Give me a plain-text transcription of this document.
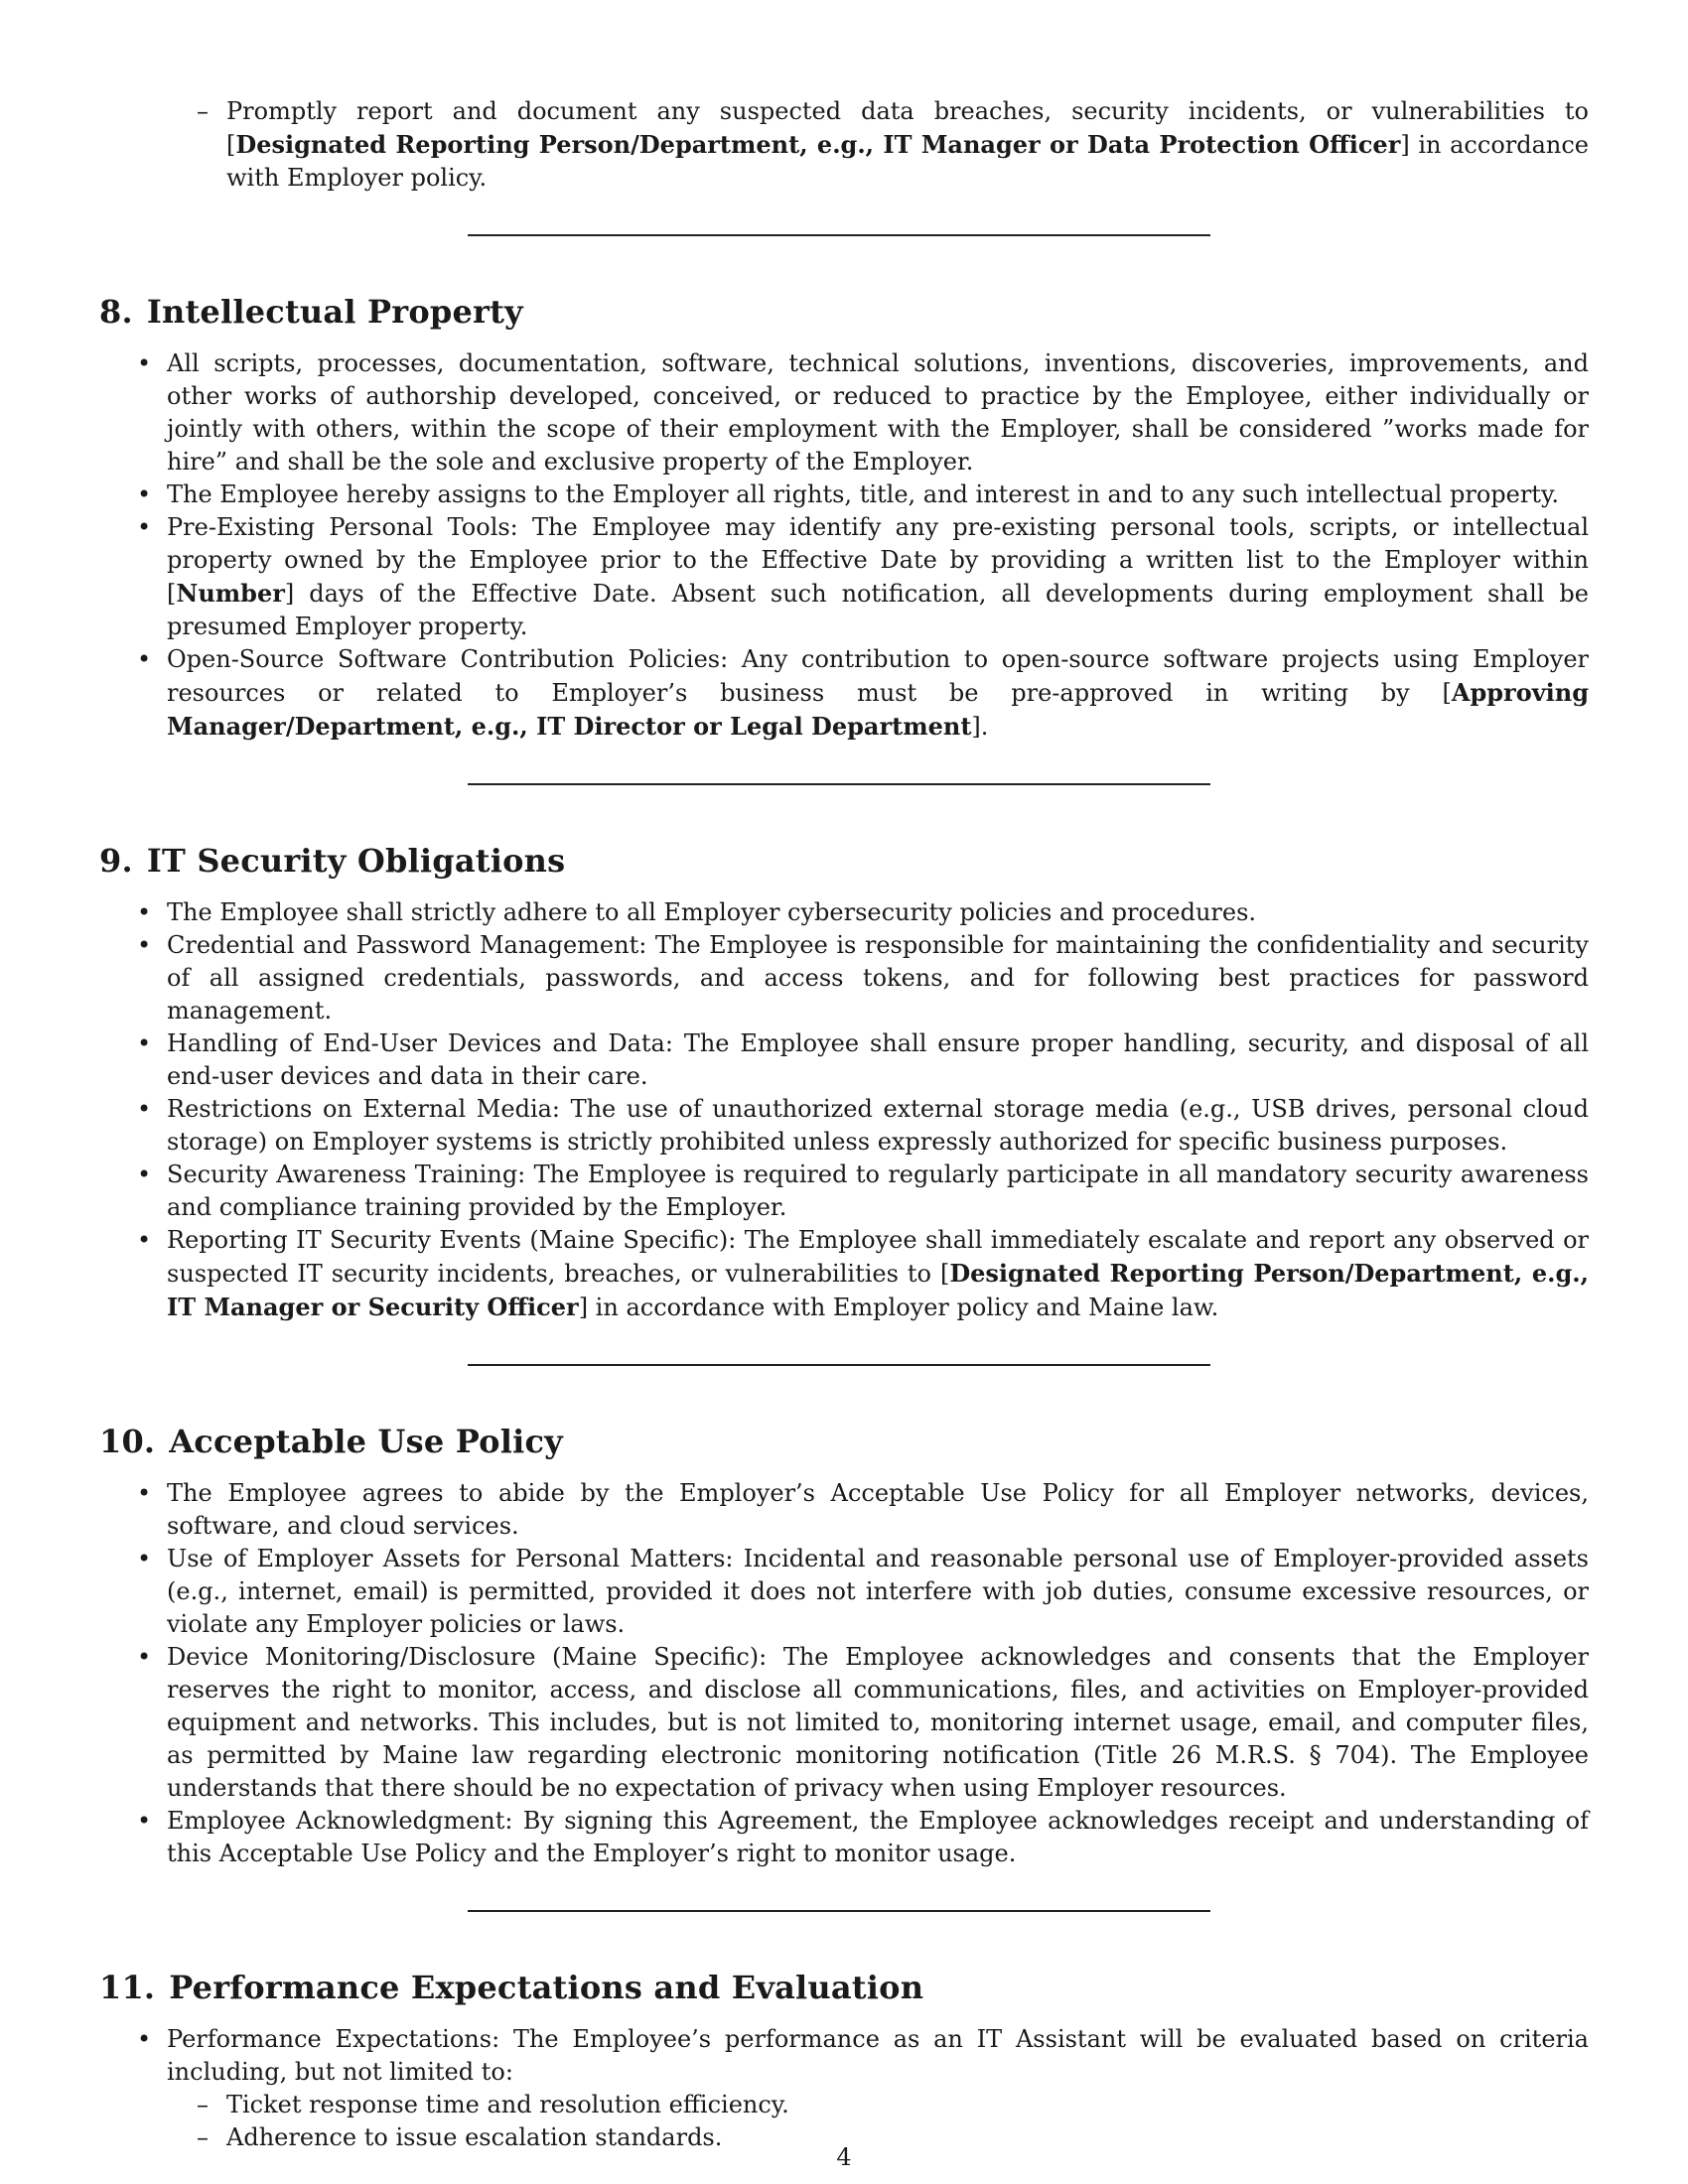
– Promptly report and document any suspected data breaches, security incidents, or vulnerabilities to [Designated Reporting Person/Department, e.g., IT Manager or Data Protection Officer] in accordance with Employer policy.
8. Intellectual Property
• All scripts, processes, documentation, software, technical solutions, inventions, discoveries, improvements, and other works of authorship developed, conceived, or reduced to practice by the Employee, either individually or jointly with others, within the scope of their employment with the Employer, shall be considered ”works made for hire” and shall be the sole and exclusive property of the Employer.
• The Employee hereby assigns to the Employer all rights, title, and interest in and to any such intellectual property.
• Pre-Existing Personal Tools: The Employee may identify any pre-existing personal tools, scripts, or intellectual property owned by the Employee prior to the Effective Date by providing a written list to the Employer within [Number] days of the Effective Date. Absent such notification, all developments during employment shall be presumed Employer property.
• Open-Source Software Contribution Policies: Any contribution to open-source software projects using Employer resources or related to Employer’s business must be pre-approved in writing by [Approving Manager/Department, e.g., IT Director or Legal Department].
9. IT Security Obligations
• The Employee shall strictly adhere to all Employer cybersecurity policies and procedures.
• Credential and Password Management: The Employee is responsible for maintaining the confidentiality and security of all assigned credentials, passwords, and access tokens, and for following best practices for password management.
• Handling of End-User Devices and Data: The Employee shall ensure proper handling, security, and disposal of all end-user devices and data in their care.
• Restrictions on External Media: The use of unauthorized external storage media (e.g., USB drives, personal cloud storage) on Employer systems is strictly prohibited unless expressly authorized for specific business purposes.
• Security Awareness Training: The Employee is required to regularly participate in all mandatory security awareness and compliance training provided by the Employer.
• Reporting IT Security Events (Maine Specific): The Employee shall immediately escalate and report any observed or suspected IT security incidents, breaches, or vulnerabilities to [Designated Reporting Person/Department, e.g., IT Manager or Security Officer] in accordance with Employer policy and Maine law.
10. Acceptable Use Policy
• The Employee agrees to abide by the Employer’s Acceptable Use Policy for all Employer networks, devices, software, and cloud services.
• Use of Employer Assets for Personal Matters: Incidental and reasonable personal use of Employer-provided assets (e.g., internet, email) is permitted, provided it does not interfere with job duties, consume excessive resources, or violate any Employer policies or laws.
• Device Monitoring/Disclosure (Maine Specific): The Employee acknowledges and consents that the Employer reserves the right to monitor, access, and disclose all communications, files, and activities on Employer-provided equipment and networks. This includes, but is not limited to, monitoring internet usage, email, and computer files, as permitted by Maine law regarding electronic monitoring notification (Title 26 M.R.S. § 704). The Employee understands that there should be no expectation of privacy when using Employer resources.
• Employee Acknowledgment: By signing this Agreement, the Employee acknowledges receipt and understanding of this Acceptable Use Policy and the Employer’s right to monitor usage.
11. Performance Expectations and Evaluation
• Performance Expectations: The Employee’s performance as an IT Assistant will be evaluated based on criteria including, but not limited to:
– Ticket response time and resolution efficiency.
– Adherence to issue escalation standards.
4
